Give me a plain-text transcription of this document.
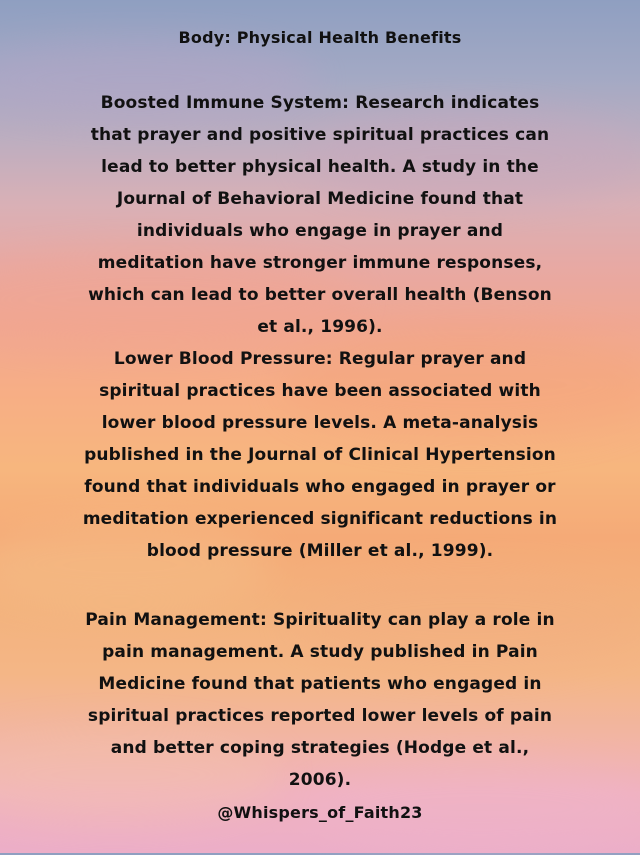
Body: Physical Health Benefits
Boosted Immune System: Research indicates that prayer and positive spiritual practices can lead to better physical health. A study in the Journal of Behavioral Medicine found that individuals who engage in prayer and meditation have stronger immune responses, which can lead to better overall health (Benson et al., 1996).
Lower Blood Pressure: Regular prayer and spiritual practices have been associated with lower blood pressure levels. A meta-analysis published in the Journal of Clinical Hypertension found that individuals who engaged in prayer or meditation experienced significant reductions in blood pressure (Miller et al., 1999).
Pain Management: Spirituality can play a role in pain management. A study published in Pain Medicine found that patients who engaged in spiritual practices reported lower levels of pain and better coping strategies (Hodge et al., 2006).
@Whispers_of_Faith23
